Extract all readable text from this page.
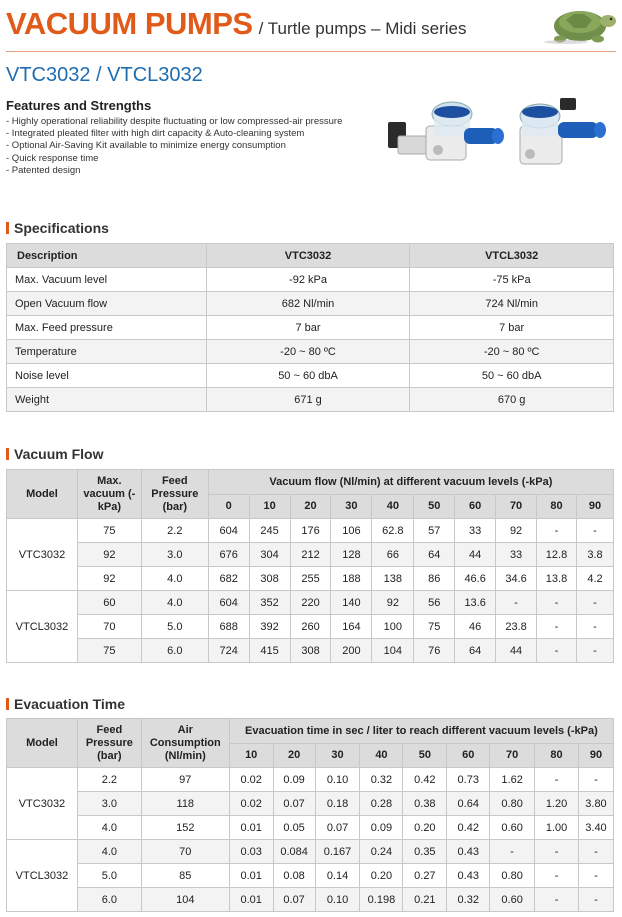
VACUUM PUMPS / Turtle pumps – Midi series
VTC3032 / VTCL3032
Features and Strengths
- Highly operational reliability despite fluctuating or low compressed-air pressure
- Integrated pleated filter with high dirt capacity & Auto-cleaning system
- Optional Air-Saving Kit available to minimize energy consumption
- Quick response time
- Patented design
Specifications
Description	VTC3032	VTCL3032
Max. Vacuum level	-92 kPa	-75 kPa
Open Vacuum flow	682 Nl/min	724 Nl/min
Max. Feed pressure	7 bar	7 bar
Temperature	-20 ~ 80 ºC	-20 ~ 80 ºC
Noise level	50 ~ 60 dbA	50 ~ 60 dbA
Weight	671 g	670 g
Vacuum Flow
Model	Max. vacuum (-kPa)	Feed Pressure (bar)	Vacuum flow (Nl/min) at different vacuum levels (-kPa)									
			0	10	20	30	40	50	60	70	80	90
VTC3032	75	2.2	604	245	176	106	62.8	57	33	92	-	-
	92	3.0	676	304	212	128	66	64	44	33	12.8	3.8
	92	4.0	682	308	255	188	138	86	46.6	34.6	13.8	4.2
VTCL3032	60	4.0	604	352	220	140	92	56	13.6	-	-	-
	70	5.0	688	392	260	164	100	75	46	23.8	-	-
	75	6.0	724	415	308	200	104	76	64	44	-	-
Evacuation Time
Model	Feed Pressure (bar)	Air Consumption (Nl/min)	Evacuation time in sec / liter to reach different vacuum levels (-kPa)								
			10	20	30	40	50	60	70	80	90
VTC3032	2.2	97	0.02	0.09	0.10	0.32	0.42	0.73	1.62	-	-
	3.0	118	0.02	0.07	0.18	0.28	0.38	0.64	0.80	1.20	3.80
	4.0	152	0.01	0.05	0.07	0.09	0.20	0.42	0.60	1.00	3.40
VTCL3032	4.0	70	0.03	0.084	0.167	0.24	0.35	0.43	-	-	-
	5.0	85	0.01	0.08	0.14	0.20	0.27	0.43	0.80	-	-
	6.0	104	0.01	0.07	0.10	0.198	0.21	0.32	0.60	-	-
